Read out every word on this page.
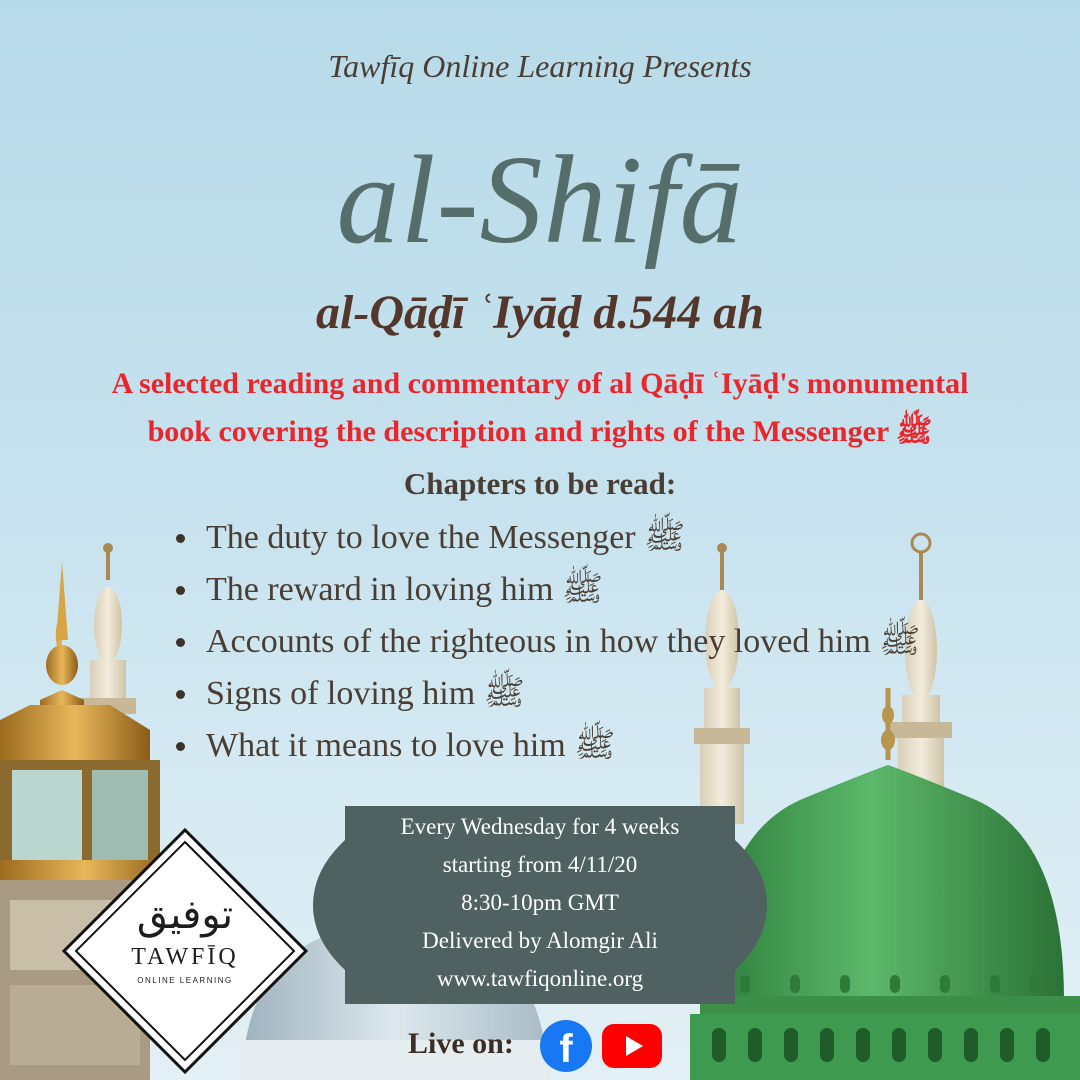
Tawfīq Online Learning Presents
al-Shifā
al-Qāḍī ʿIyāḍ d.544 ah
A selected reading and commentary of al Qāḍī ʿIyāḍ's monumental
book covering the description and rights of the Messenger ﷺ
Chapters to be read:
The duty to love the Messenger ﷺ
The reward in loving him ﷺ
Accounts of the righteous in how they loved him ﷺ
Signs of loving him ﷺ
What it means to love him ﷺ
Every Wednesday for 4 weeks
starting from 4/11/20
8:30-10pm GMT
Delivered by Alomgir Ali
www.tawfiqonline.org
Live on:	f
توفيق
TAWFĪQ
ONLINE LEARNING
